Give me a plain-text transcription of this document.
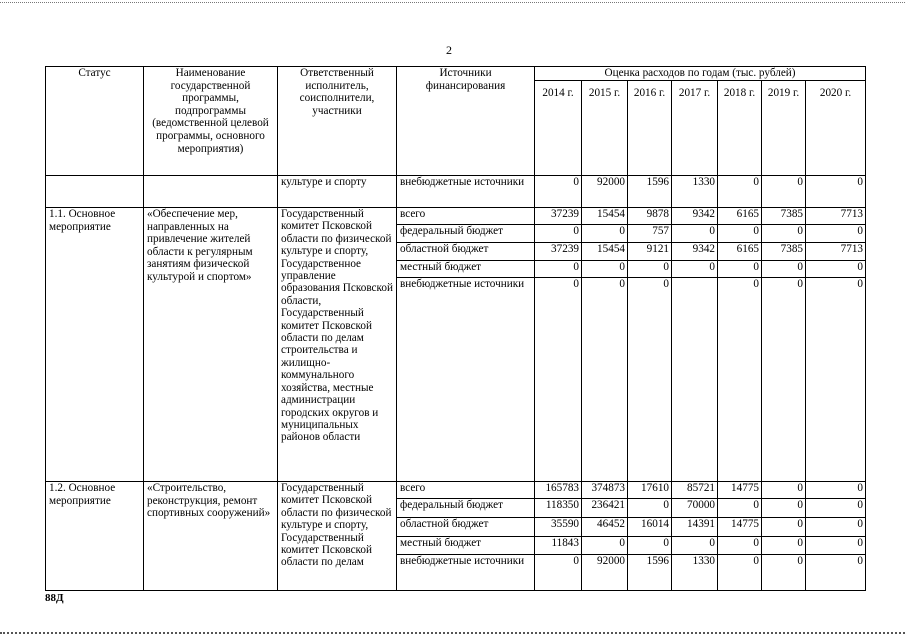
2
Статус	Наименование государственной программы, подпрограммы (ведомственной целевой программы, основного мероприятия)	Ответственный исполнитель, соисполнители, участники	Источники финансирования	Оценка расходов по годам (тыс. рублей)						
				2014 г.	2015 г.	2016 г.	2017 г.	2018 г.	2019 г.	2020 г.
		культуре и спорту	внебюджетные источники	0	92000	1596	1330	0	0	0
1.1. Основное мероприятие	«Обеспечение мер, направленных на привлечение жителей области к регулярным занятиям физической культурой и спортом»	Государственный комитет Псковской области по физической культуре и спорту, Государственное управление образования Псковской области, Государственный комитет Псковской области по делам строительства и жилищно-коммунального хозяйства, местные администрации городских округов и муниципальных районов области	всего	37239	15454	9878	9342	6165	7385	7713
			федеральный бюджет	0	0	757	0	0	0	0
			областной бюджет	37239	15454	9121	9342	6165	7385	7713
			местный бюджет	0	0	0	0	0	0	0
			внебюджетные источники	0	0	0		0	0	0
1.2. Основное мероприятие	«Строительство, реконструкция, ремонт спортивных сооружений»	Государственный комитет Псковской области по физической культуре и спорту, Государственный комитет Псковской области по делам	всего	165783	374873	17610	85721	14775	0	0
			федеральный бюджет	118350	236421	0	70000	0	0	0
			областной бюджет	35590	46452	16014	14391	14775	0	0
			местный бюджет	11843	0	0	0	0	0	0
			внебюджетные источники	0	92000	1596	1330	0	0	0
88Д
